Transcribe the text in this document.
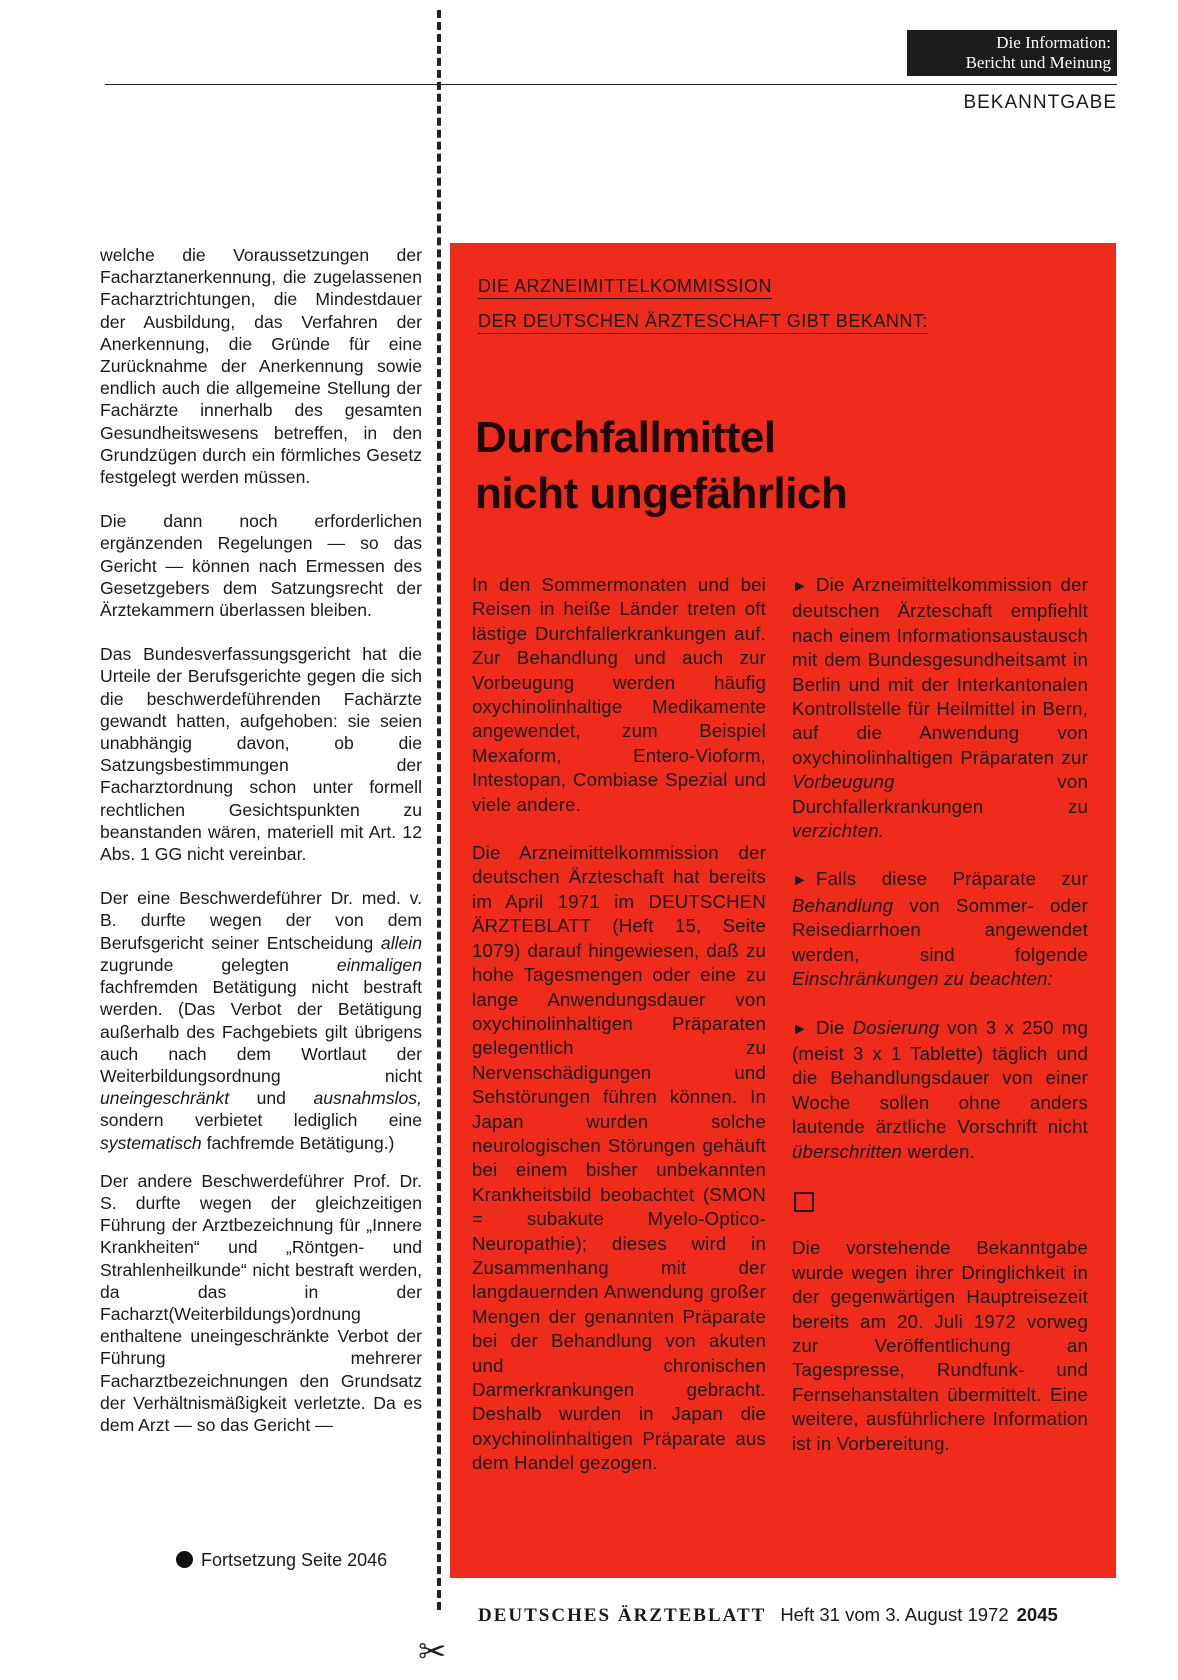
Die Information:
Bericht und Meinung
BEKANNTGABE
✂

welche die Voraussetzungen der Facharztanerkennung, die zugelassenen Facharztrichtungen, die Mindestdauer der Ausbildung, das Verfahren der Anerkennung, die Gründe für eine Zurücknahme der Anerkennung sowie endlich auch die allgemeine Stellung der Fachärzte innerhalb des gesamten Gesundheitswesens betreffen, in den Grundzügen durch ein förmliches Gesetz festgelegt werden müssen.

Die dann noch erforderlichen ergänzenden Regelungen — so das Gericht — können nach Ermessen des Gesetzgebers dem Satzungsrecht der Ärztekammern überlassen bleiben.

Das Bundesverfassungsgericht hat die Urteile der Berufsgerichte gegen die sich die beschwerdeführenden Fachärzte gewandt hatten, aufgehoben: sie seien unabhängig davon, ob die Satzungsbestimmungen der Facharztordnung schon unter formell rechtlichen Gesichtspunkten zu beanstanden wären, materiell mit Art. 12 Abs. 1 GG nicht vereinbar.

Der eine Beschwerdeführer Dr. med. v. B. durfte wegen der von dem Berufsgericht seiner Entscheidung allein zugrunde gelegten einmaligen fachfremden Betätigung nicht bestraft werden. (Das Verbot der Betätigung außerhalb des Fachgebiets gilt übrigens auch nach dem Wortlaut der Weiterbildungsordnung nicht uneingeschränkt und ausnahmslos, sondern verbietet lediglich eine systematisch fachfremde Betätigung.)

Der andere Beschwerdeführer Prof. Dr. S. durfte wegen der gleichzeitigen Führung der Arztbezeichnung für „Innere Krankheiten“ und „Röntgen- und Strahlenheilkunde“ nicht bestraft werden, da das in der Facharzt(Weiterbildungs)ordnung enthaltene uneingeschränkte Verbot der Führung mehrerer Facharztbezeichnungen den Grundsatz der Verhältnismäßigkeit verletzte. Da es dem Arzt — so das Gericht —

Fortsetzung Seite 2046
DIE ARZNEIMITTELKOMMISSION
DER DEUTSCHEN ÄRZTESCHAFT GIBT BEKANNT:
Durchfallmittel
nicht ungefährlich

In den Sommermonaten und bei Reisen in heiße Länder treten oft lästige Durchfallerkrankungen auf. Zur Behandlung und auch zur Vorbeugung werden häufig oxychinolinhaltige Medikamente angewendet, zum Beispiel Mexaform, Entero-Vioform, Intestopan, Combiase Spezial und viele andere.

Die Arzneimittelkommission der deutschen Ärzteschaft hat bereits im April 1971 im DEUTSCHEN ÄRZTEBLATT (Heft 15, Seite 1079) darauf hingewiesen, daß zu hohe Tagesmengen oder eine zu lange Anwendungsdauer von oxychinolinhaltigen Präparaten gelegentlich zu Nervenschädigungen und Sehstörungen führen können. In Japan wurden solche neurologischen Störungen gehäuft bei einem bisher unbekannten Krankheitsbild beobachtet (SMON = subakute Myelo-Optico-Neuropathie); dieses wird in Zusammenhang mit der langdauernden Anwendung großer Mengen der genannten Präparate bei der Behandlung von akuten und chronischen Darmerkrankungen gebracht. Deshalb wurden in Japan die oxychinolinhaltigen Präparate aus dem Handel gezogen.

► Die Arzneimittelkommission der deutschen Ärzteschaft empfiehlt nach einem Informationsaustausch mit dem Bundesgesundheitsamt in Berlin und mit der Interkantonalen Kontrollstelle für Heilmittel in Bern, auf die Anwendung von oxychinolinhaltigen Präparaten zur Vorbeugung von Durchfallerkrankungen zu verzichten.

► Falls diese Präparate zur Behandlung von Sommer- oder Reisediarrhoen angewendet werden, sind folgende Einschränkungen zu beachten:

► Die Dosierung von 3 x 250 mg (meist 3 x 1 Tablette) täglich und die Behandlungsdauer von einer Woche sollen ohne anders lautende ärztliche Vorschrift nicht überschritten werden.

Die vorstehende Bekanntgabe wurde wegen ihrer Dringlichkeit in der gegenwärtigen Hauptreisezeit bereits am 20. Juli 1972 vorweg zur Veröffentlichung an Tagespresse, Rundfunk- und Fernsehanstalten übermittelt. Eine weitere, ausführlichere Information ist in Vorbereitung.

DEUTSCHES ÄRZTEBLATT Heft 31 vom 3. August 1972 2045
